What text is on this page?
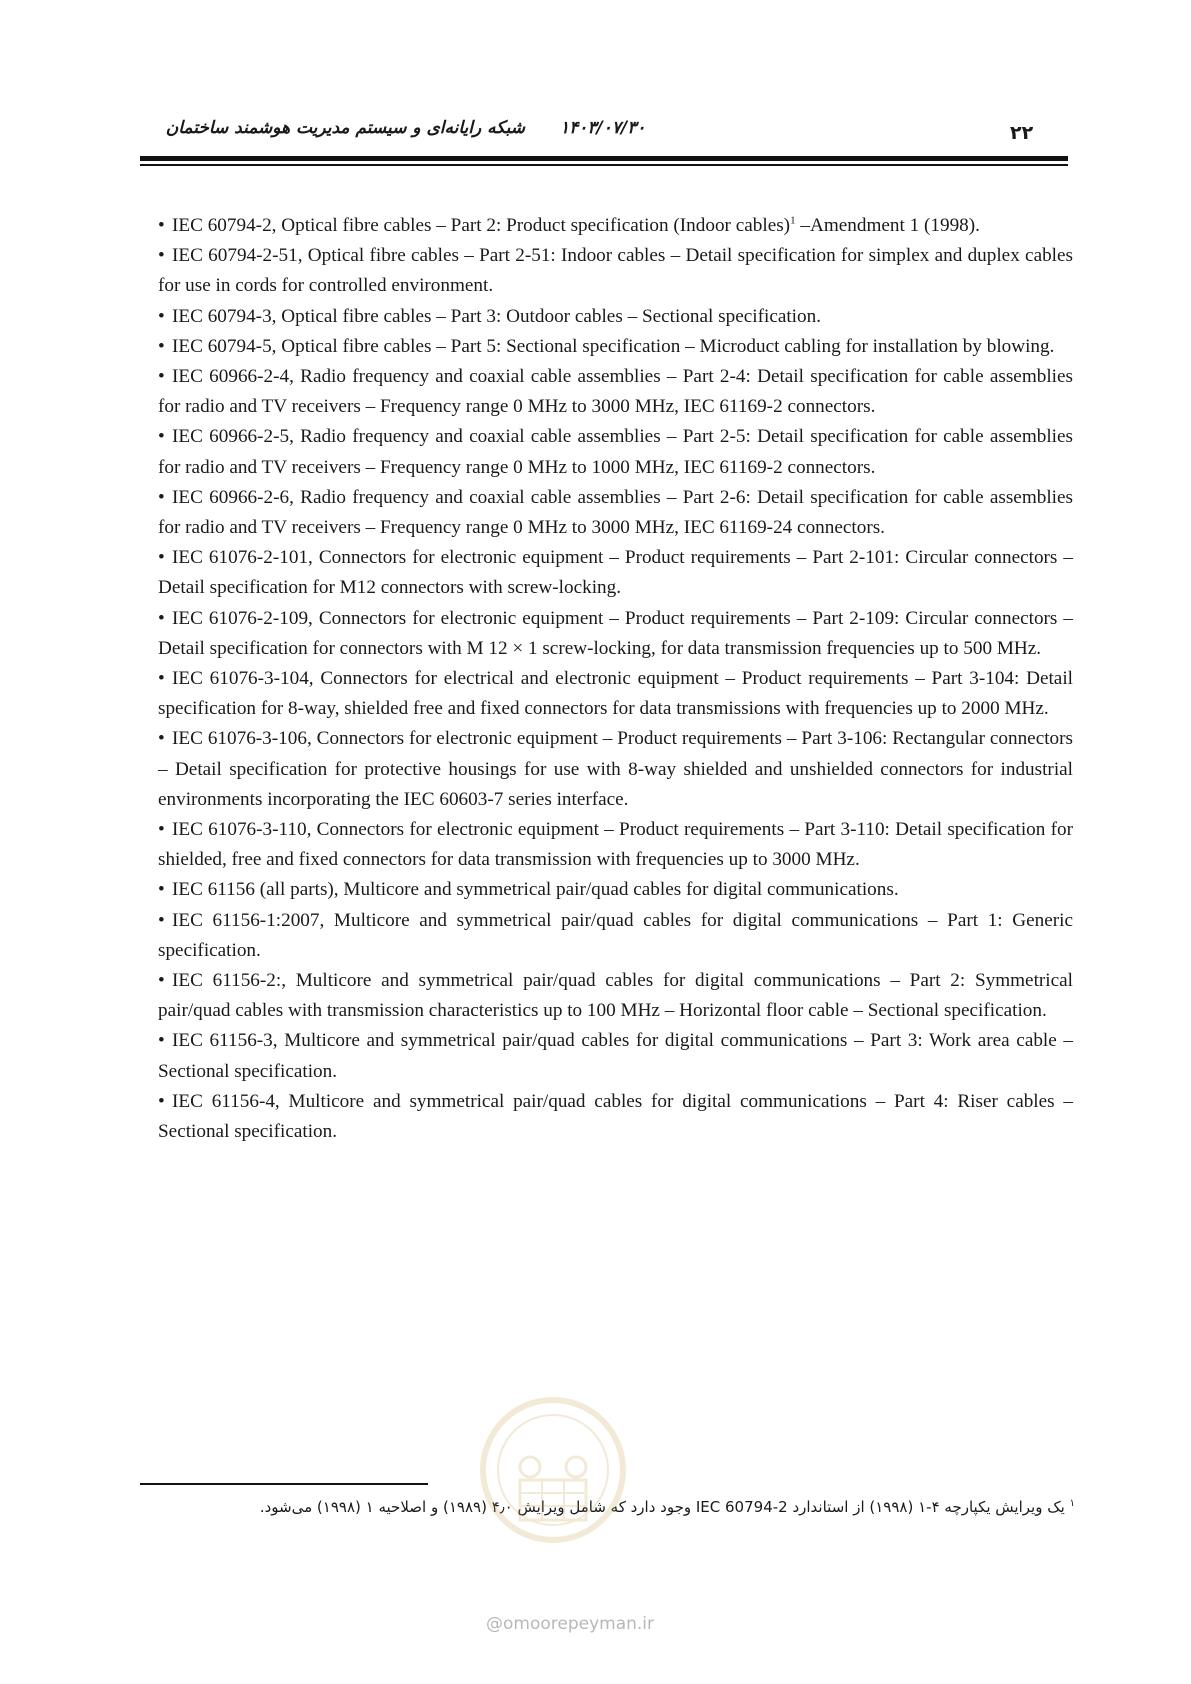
۲۲
۱۴۰۳/۰۷/۳۰
شبکه رایانه‌ای و سیستم مدیریت هوشمند ساختمان
• IEC 60794-2, Optical fibre cables – Part 2: Product specification (Indoor cables)$^1$ –Amendment 1 (1998).
• IEC 60794-2-51, Optical fibre cables – Part 2-51: Indoor cables – Detail specification for simplex and duplex cables for use in cords for controlled environment.
• IEC 60794-3, Optical fibre cables – Part 3: Outdoor cables – Sectional specification.
• IEC 60794-5, Optical fibre cables – Part 5: Sectional specification – Microduct cabling for installation by blowing.
• IEC 60966-2-4, Radio frequency and coaxial cable assemblies – Part 2-4: Detail specification for cable assemblies for radio and TV receivers – Frequency range 0 MHz to 3000 MHz, IEC 61169-2 connectors.
• IEC 60966-2-5, Radio frequency and coaxial cable assemblies – Part 2-5: Detail specification for cable assemblies for radio and TV receivers – Frequency range 0 MHz to 1000 MHz, IEC 61169-2 connectors.
• IEC 60966-2-6, Radio frequency and coaxial cable assemblies – Part 2-6: Detail specification for cable assemblies for radio and TV receivers – Frequency range 0 MHz to 3000 MHz, IEC 61169-24 connectors.
• IEC 61076-2-101, Connectors for electronic equipment – Product requirements – Part 2-101: Circular connectors – Detail specification for M12 connectors with screw-locking.
• IEC 61076-2-109, Connectors for electronic equipment – Product requirements – Part 2-109: Circular connectors – Detail specification for connectors with M 12 × 1 screw-locking, for data transmission frequencies up to 500 MHz.
• IEC 61076-3-104, Connectors for electrical and electronic equipment – Product requirements – Part 3-104: Detail specification for 8-way, shielded free and fixed connectors for data transmissions with frequencies up to 2000 MHz.
• IEC 61076-3-106, Connectors for electronic equipment – Product requirements – Part 3-106: Rectangular connectors – Detail specification for protective housings for use with 8-way shielded and unshielded connectors for industrial environments incorporating the IEC 60603-7 series interface.
• IEC 61076-3-110, Connectors for electronic equipment – Product requirements – Part 3-110: Detail specification for shielded, free and fixed connectors for data transmission with frequencies up to 3000 MHz.
• IEC 61156 (all parts), Multicore and symmetrical pair/quad cables for digital communications.
• IEC 61156-1:2007, Multicore and symmetrical pair/quad cables for digital communications – Part 1: Generic specification.
• IEC 61156-2:, Multicore and symmetrical pair/quad cables for digital communications – Part 2: Symmetrical pair/quad cables with transmission characteristics up to 100 MHz – Horizontal floor cable – Sectional specification.
• IEC 61156-3, Multicore and symmetrical pair/quad cables for digital communications – Part 3: Work area cable – Sectional specification.
• IEC 61156-4, Multicore and symmetrical pair/quad cables for digital communications – Part 4: Riser cables – Sectional specification.
$^۱$ یک ویرایش یکپارچه ۴-۱ (۱۹۹۸) از استاندارد IEC 60794-2 وجود دارد که شامل ویرایش ۴٫۰ (۱۹۸۹) و اصلاحیه ۱ (۱۹۹۸) می‌شود.
@omoorepeyman.ir
